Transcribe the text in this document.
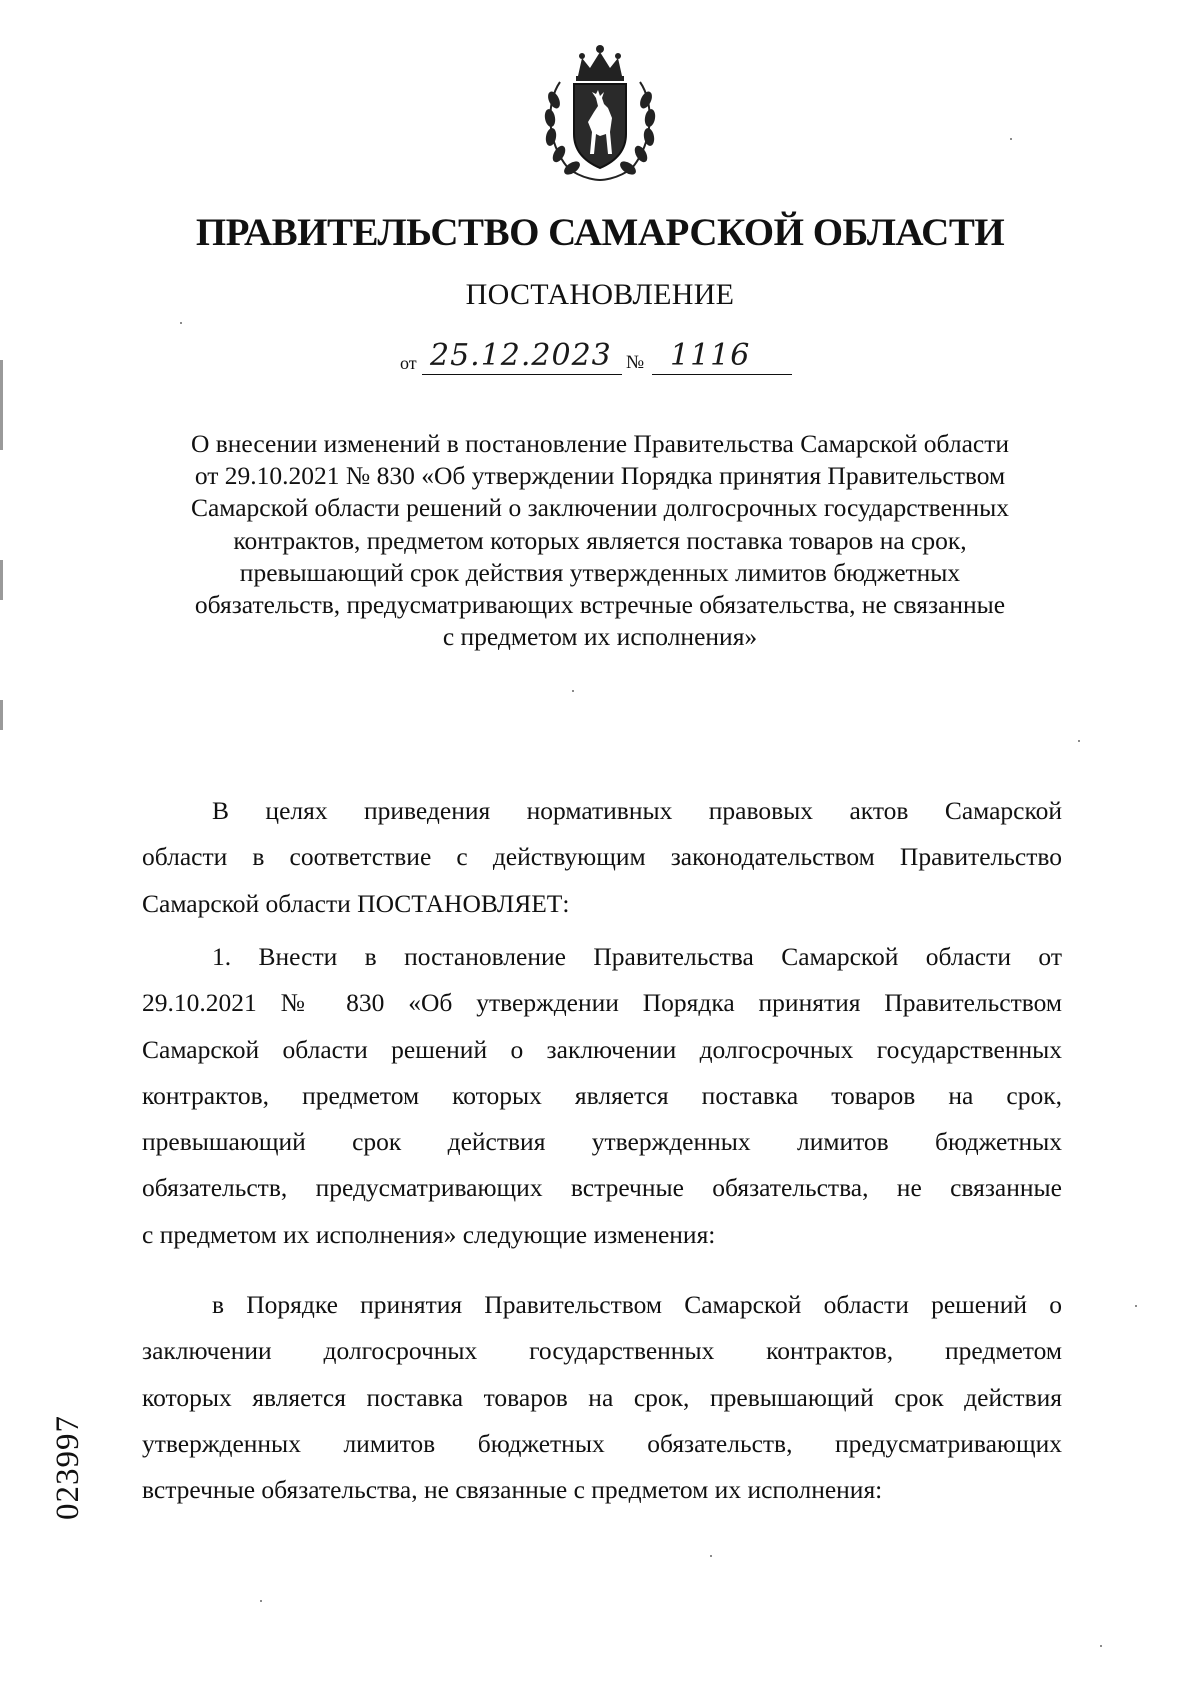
ПРАВИТЕЛЬСТВО САМАРСКОЙ ОБЛАСТИ
ПОСТАНОВЛЕНИЕ
от 25.12.2023 № 1116
О внесении изменений в постановление Правительства Самарской области
от 29.10.2021 № 830 «Об утверждении Порядка принятия Правительством
Самарской области решений о заключении долгосрочных государственных
контрактов, предметом которых является поставка товаров на срок,
превышающий срок действия утвержденных лимитов бюджетных
обязательств, предусматривающих встречные обязательства, не связанные
с предметом их исполнения»
В целях приведения нормативных правовых актов Самарской
области в соответствие с действующим законодательством Правительство
Самарской области ПОСТАНОВЛЯЕТ:
1. Внести в постановление Правительства Самарской области от
29.10.2021 № 830 «Об утверждении Порядка принятия Правительством
Самарской области решений о заключении долгосрочных государственных
контрактов, предметом которых является поставка товаров на срок,
превышающий срок действия утвержденных лимитов бюджетных
обязательств, предусматривающих встречные обязательства, не связанные
с предметом их исполнения» следующие изменения:
в Порядке принятия Правительством Самарской области решений о
заключении долгосрочных государственных контрактов, предметом
которых является поставка товаров на срок, превышающий срок действия
утвержденных лимитов бюджетных обязательств, предусматривающих
встречные обязательства, не связанные с предметом их исполнения:
023997
